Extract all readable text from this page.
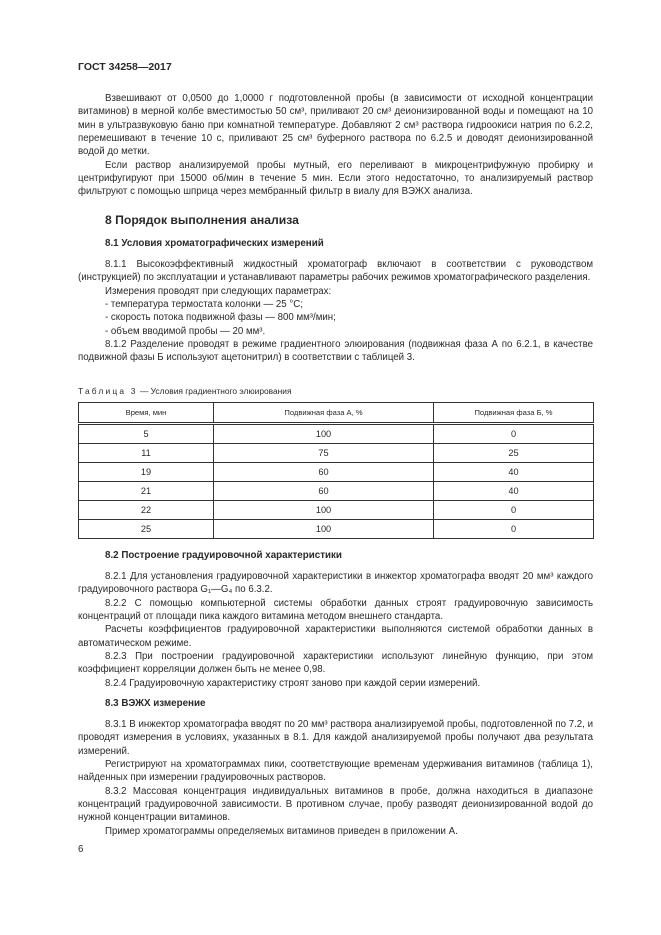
ГОСТ 34258—2017

Взвешивают от 0,0500 до 1,0000 г подготовленной пробы (в зависимости от исходной концентрации витаминов) в мерной колбе вместимостью 50 см³, приливают 20 см³ деионизированной воды и помещают на 10 мин в ультразвуковую баню при комнатной температуре. Добавляют 2 см³ раствора гидроокиси натрия по 6.2.2, перемешивают в течение 10 с, приливают 25 см³ буферного раствора по 6.2.5 и доводят деионизированной водой до метки.

Если раствор анализируемой пробы мутный, его переливают в микроцентрифужную пробирку и центрифугируют при 15000 об/мин в течение 5 мин. Если этого недостаточно, то анализируемый раствор фильтруют с помощью шприца через мембранный фильтр в виалу для ВЭЖХ анализа.

8 Порядок выполнения анализа
8.1 Условия хроматографических измерений

8.1.1 Высокоэффективный жидкостный хроматограф включают в соответствии с руководством (инструкцией) по эксплуатации и устанавливают параметры рабочих режимов хроматографического разделения.

Измерения проводят при следующих параметрах:

- температура термостата колонки — 25 °С;

- скорость потока подвижной фазы — 800 мм³/мин;

- объем вводимой пробы — 20 мм³.

8.1.2 Разделение проводят в режиме градиентного элюирования (подвижная фаза А по 6.2.1, в качестве подвижной фазы Б используют ацетонитрил) в соответствии с таблицей 3.

Таблица 3 — Условия градиентного элюирования
Время, мин	Подвижная фаза А, %	Подвижная фаза Б, %
5	100	0
11	75	25
19	60	40
21	60	40
22	100	0
25	100	0
8.2 Построение градуировочной характеристики

8.2.1 Для установления градуировочной характеристики в инжектор хроматографа вводят 20 мм³ каждого градуировочного раствора G₁—G₄ по 6.3.2.

8.2.2 С помощью компьютерной системы обработки данных строят градуировочную зависимость концентраций от площади пика каждого витамина методом внешнего стандарта.

Расчеты коэффициентов градуировочной характеристики выполняются системой обработки данных в автоматическом режиме.

8.2.3 При построении градуировочной характеристики используют линейную функцию, при этом коэффициент корреляции должен быть не менее 0,98.

8.2.4 Градуировочную характеристику строят заново при каждой серии измерений.

8.3 ВЭЖХ измерение

8.3.1 В инжектор хроматографа вводят по 20 мм³ раствора анализируемой пробы, подготовленной по 7.2, и проводят измерения в условиях, указанных в 8.1. Для каждой анализируемой пробы получают два результата измерений.

Регистрируют на хроматограммах пики, соответствующие временам удерживания витаминов (таблица 1), найденных при измерении градуировочных растворов.

8.3.2 Массовая концентрация индивидуальных витаминов в пробе, должна находиться в диапазоне концентраций градуировочной зависимости. В противном случае, пробу разводят деионизированной водой до нужной концентрации витаминов.

Пример хроматограммы определяемых витаминов приведен в приложении А.

6
